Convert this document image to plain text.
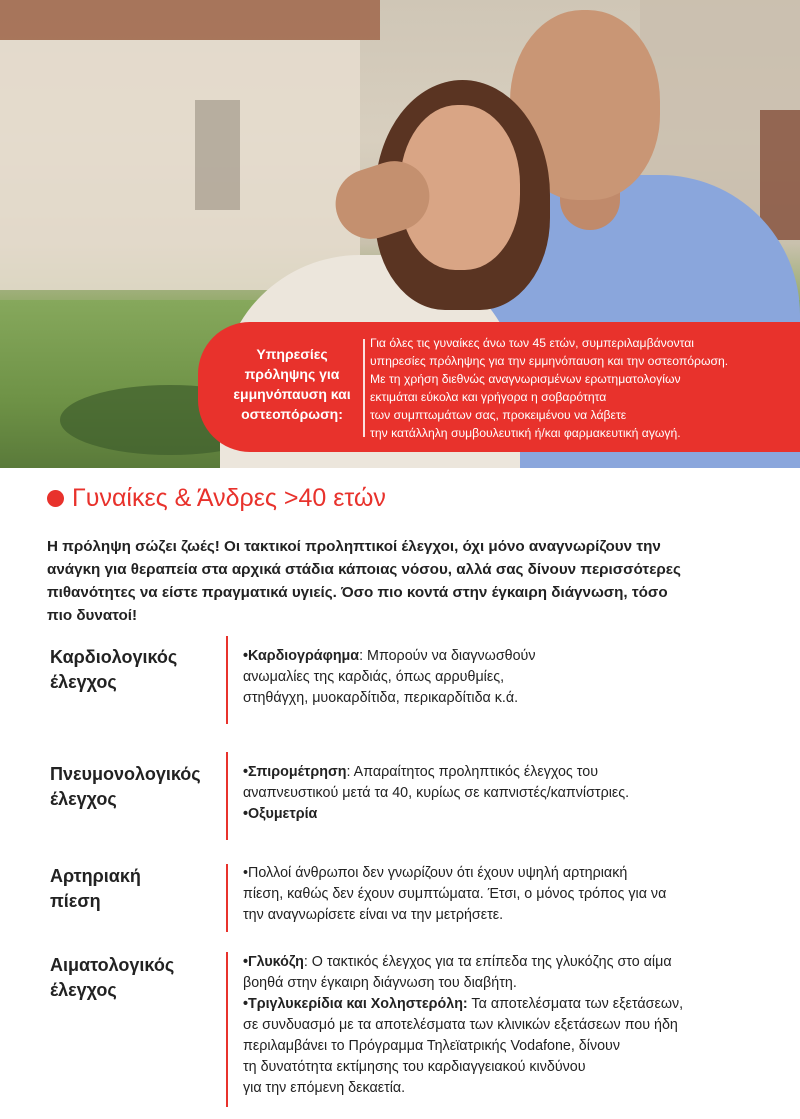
Υπηρεσίες
πρόληψης για
εμμηνόπαυση και
οστεοπόρωση:
Για όλες τις γυναίκες άνω των 45 ετών, συμπεριλαμβάνονται
υπηρεσίες πρόληψης για την εμμηνόπαυση και την οστεοπόρωση.
Με τη χρήση διεθνώς αναγνωρισμένων ερωτηματολογίων
εκτιμάται εύκολα και γρήγορα η σοβαρότητα
των συμπτωμάτων σας, προκειμένου να λάβετε
την κατάλληλη συμβουλευτική ή/και φαρμακευτική αγωγή.
Γυναίκες & Άνδρες >40 ετών
Η πρόληψη σώζει ζωές! Οι τακτικοί προληπτικοί έλεγχοι, όχι μόνο αναγνωρίζουν την
ανάγκη για θεραπεία στα αρχικά στάδια κάποιας νόσου, αλλά σας δίνουν περισσότερες
πιθανότητες να είστε πραγματικά υγιείς. Όσο πιο κοντά στην έγκαιρη διάγνωση, τόσο
πιο δυνατοί!
Καρδιολογικός
έλεγχος
•Καρδιογράφημα: Μπορούν να διαγνωσθούν
ανωμαλίες της καρδιάς, όπως αρρυθμίες,
στηθάγχη, μυοκαρδίτιδα, περικαρδίτιδα κ.ά.
Πνευμονολογικός
έλεγχος
•Σπιρομέτρηση: Απαραίτητος προληπτικός έλεγχος του
αναπνευστικού μετά τα 40, κυρίως σε καπνιστές/καπνίστριες.
•Οξυμετρία
Αρτηριακή
πίεση
•Πολλοί άνθρωποι δεν γνωρίζουν ότι έχουν υψηλή αρτηριακή
πίεση, καθώς δεν έχουν συμπτώματα. Έτσι, ο μόνος τρόπος για να
την αναγνωρίσετε είναι να την μετρήσετε.
Αιματολογικός
έλεγχος
•Γλυκόζη: Ο τακτικός έλεγχος για τα επίπεδα της γλυκόζης στο αίμα
βοηθά στην έγκαιρη διάγνωση του διαβήτη.
•Τριγλυκερίδια και Χοληστερόλη: Τα αποτελέσματα των εξετάσεων,
σε συνδυασμό με τα αποτελέσματα των κλινικών εξετάσεων που ήδη
περιλαμβάνει το Πρόγραμμα Τηλεϊατρικής Vodafone, δίνουν
τη δυνατότητα εκτίμησης του καρδιαγγειακού κινδύνου
για την επόμενη δεκαετία.
